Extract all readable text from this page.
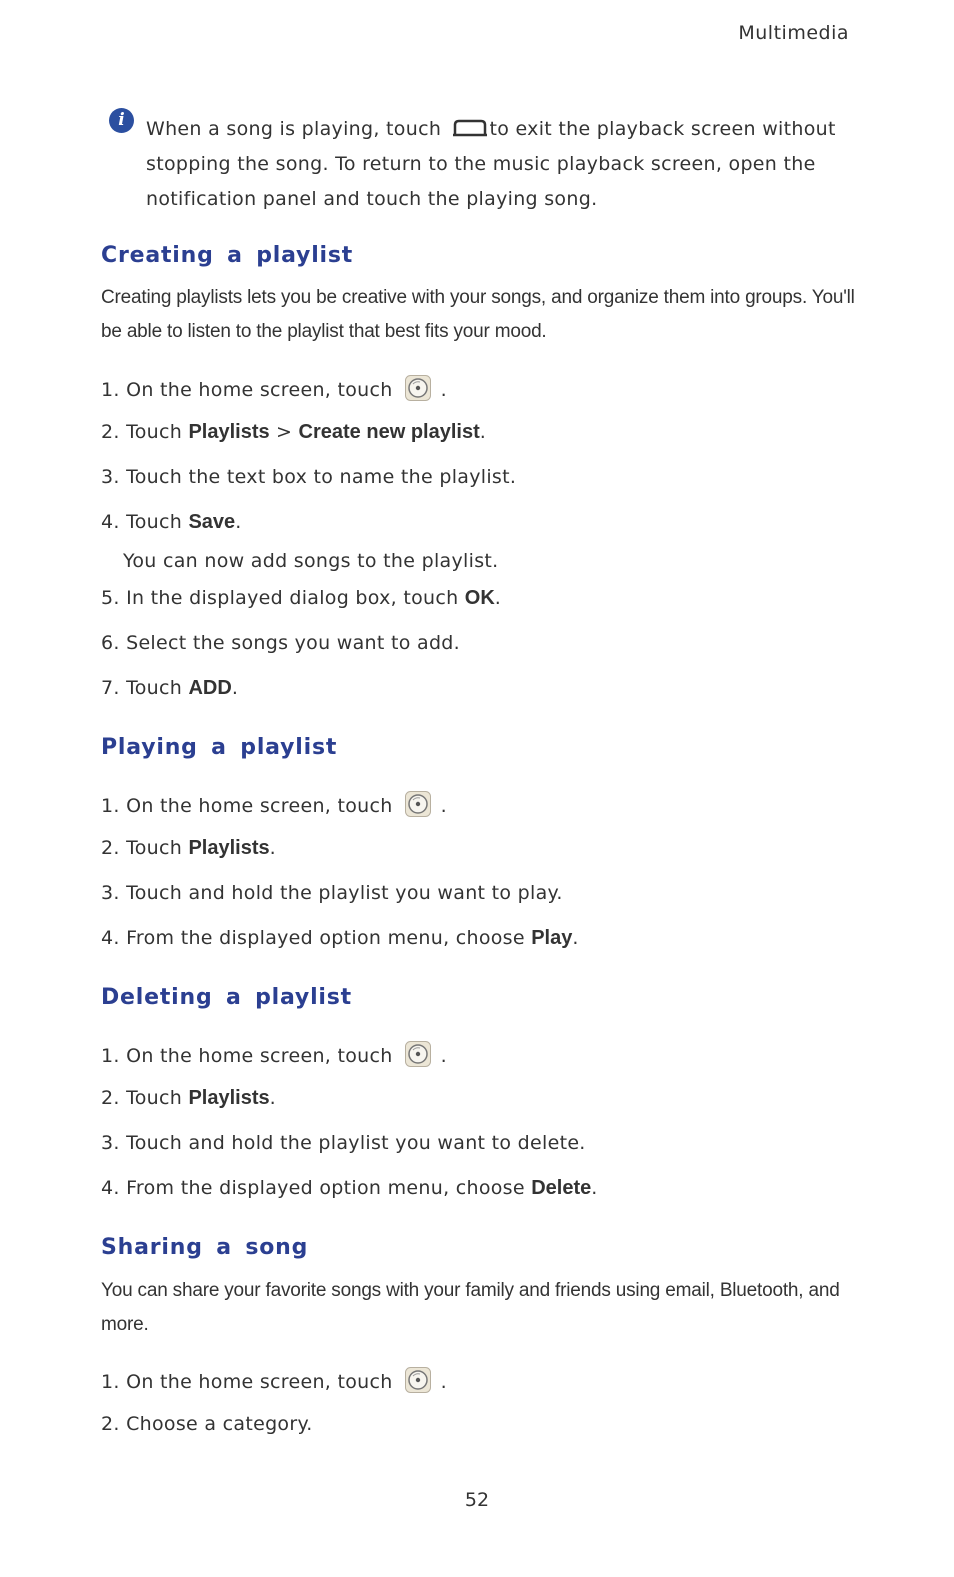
Multimedia
i	When a song is playing, touch	to exit the playback screen without stopping the song. To return to the music playback screen, open the notification panel and touch the playing song.
Creating a playlist
Creating playlists lets you be creative with your songs, and organize them into groups. You'll be able to listen to the playlist that best fits your mood.
1. On the home screen, touch	.
2. Touch Playlists > Create new playlist.
3. Touch the text box to name the playlist.
4. Touch Save.
You can now add songs to the playlist.
5. In the displayed dialog box, touch OK.
6. Select the songs you want to add.
7. Touch ADD.
Playing a playlist
1. On the home screen, touch	.
2. Touch Playlists.
3. Touch and hold the playlist you want to play.
4. From the displayed option menu, choose Play.
Deleting a playlist
1. On the home screen, touch	.
2. Touch Playlists.
3. Touch and hold the playlist you want to delete.
4. From the displayed option menu, choose Delete.
Sharing a song
You can share your favorite songs with your family and friends using email, Bluetooth, and more.
1. On the home screen, touch	.
2. Choose a category.
52
